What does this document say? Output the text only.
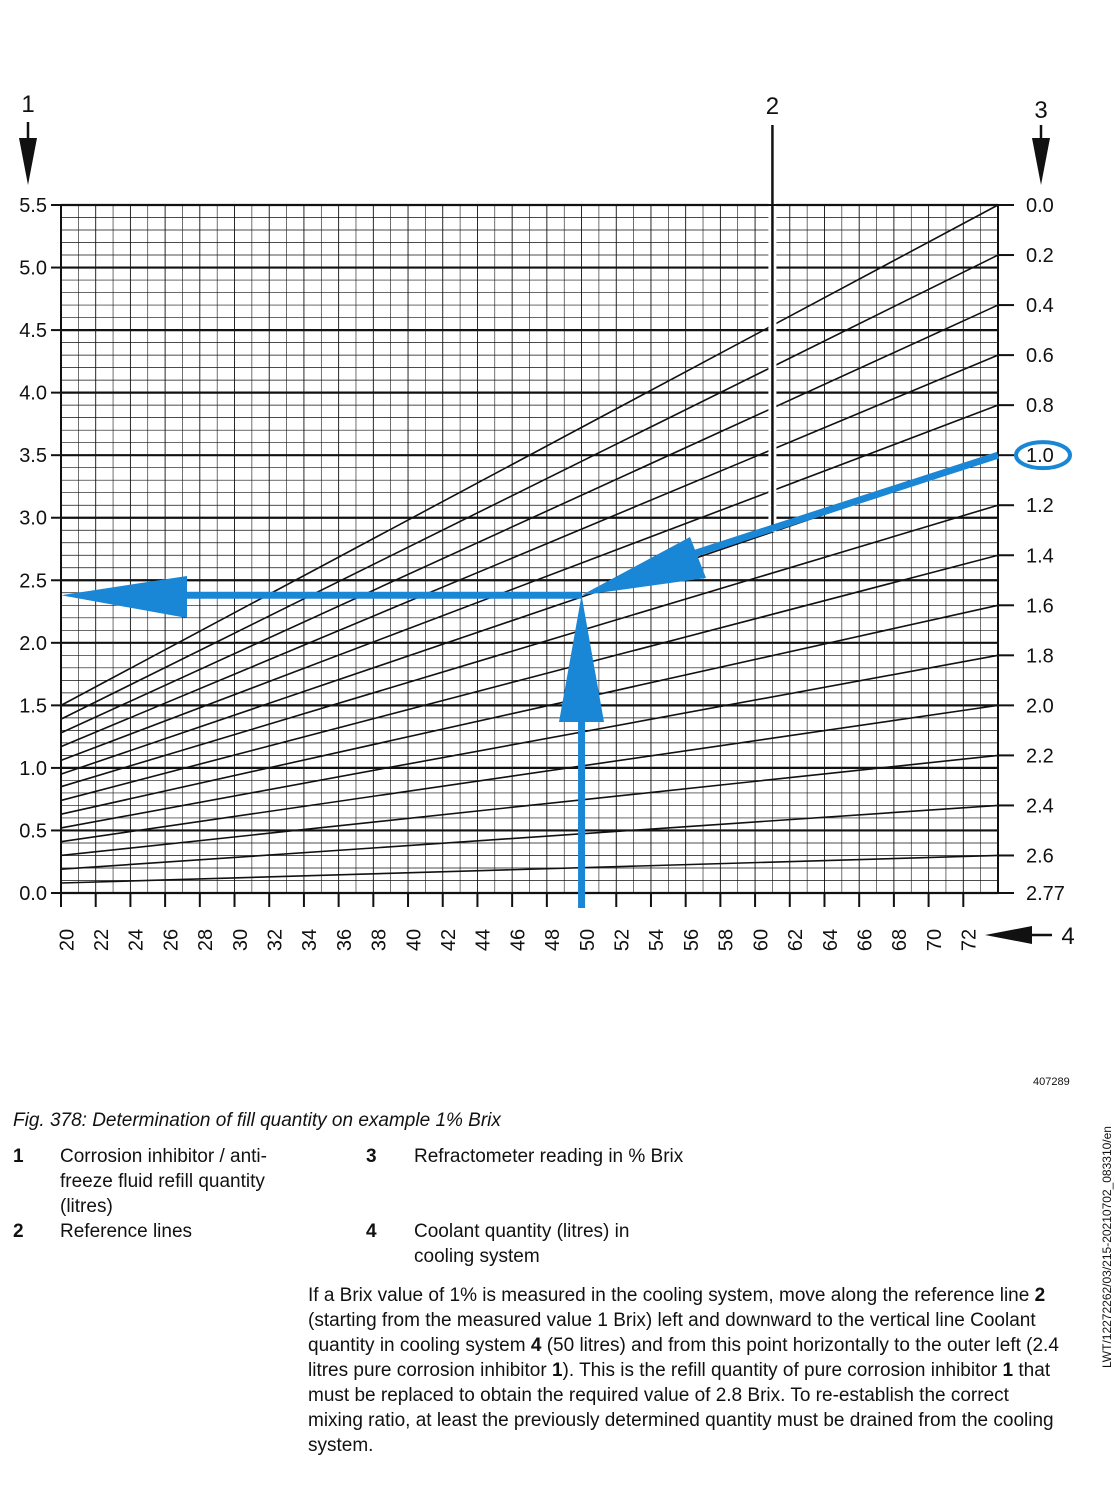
2
0.0
0.5
1.0
1.5
2.0
2.5
3.0
3.5
4.0
4.5
5.0
5.5	0.0
0.2
0.4
0.6
0.8
1.0
1.2
1.4
1.6
1.8
2.0
2.2
2.4
2.6
2.77
20 22 24 26 28 30 32 34 36 38 40 42 44 46 48 50 52 54 56 58 60 62 64 66 68 70 72
1	3
4
407289
Fig. 378: Determination of fill quantity on example 1% Brix
1 Corrosion inhibitor / anti-freeze fluid refill quantity (litres)
2 Reference lines
3 Refractometer reading in % Brix
4 Coolant quantity (litres) in cooling system
If a Brix value of 1% is measured in the cooling system, move along the reference line 2 (starting from the measured value 1 Brix) left and downward to the vertical line Coolant quantity in cooling system 4 (50 litres) and from this point horizontally to the outer left (2.4 litres pure corrosion inhibitor 1). This is the refill quantity of pure corrosion inhibitor 1 that must be replaced to obtain the required value of 2.8 Brix. To re-establish the correct mixing ratio, at least the previously determined quantity must be drained from the cooling system.
LWT/12272262/03/215-20210702_083310/en
